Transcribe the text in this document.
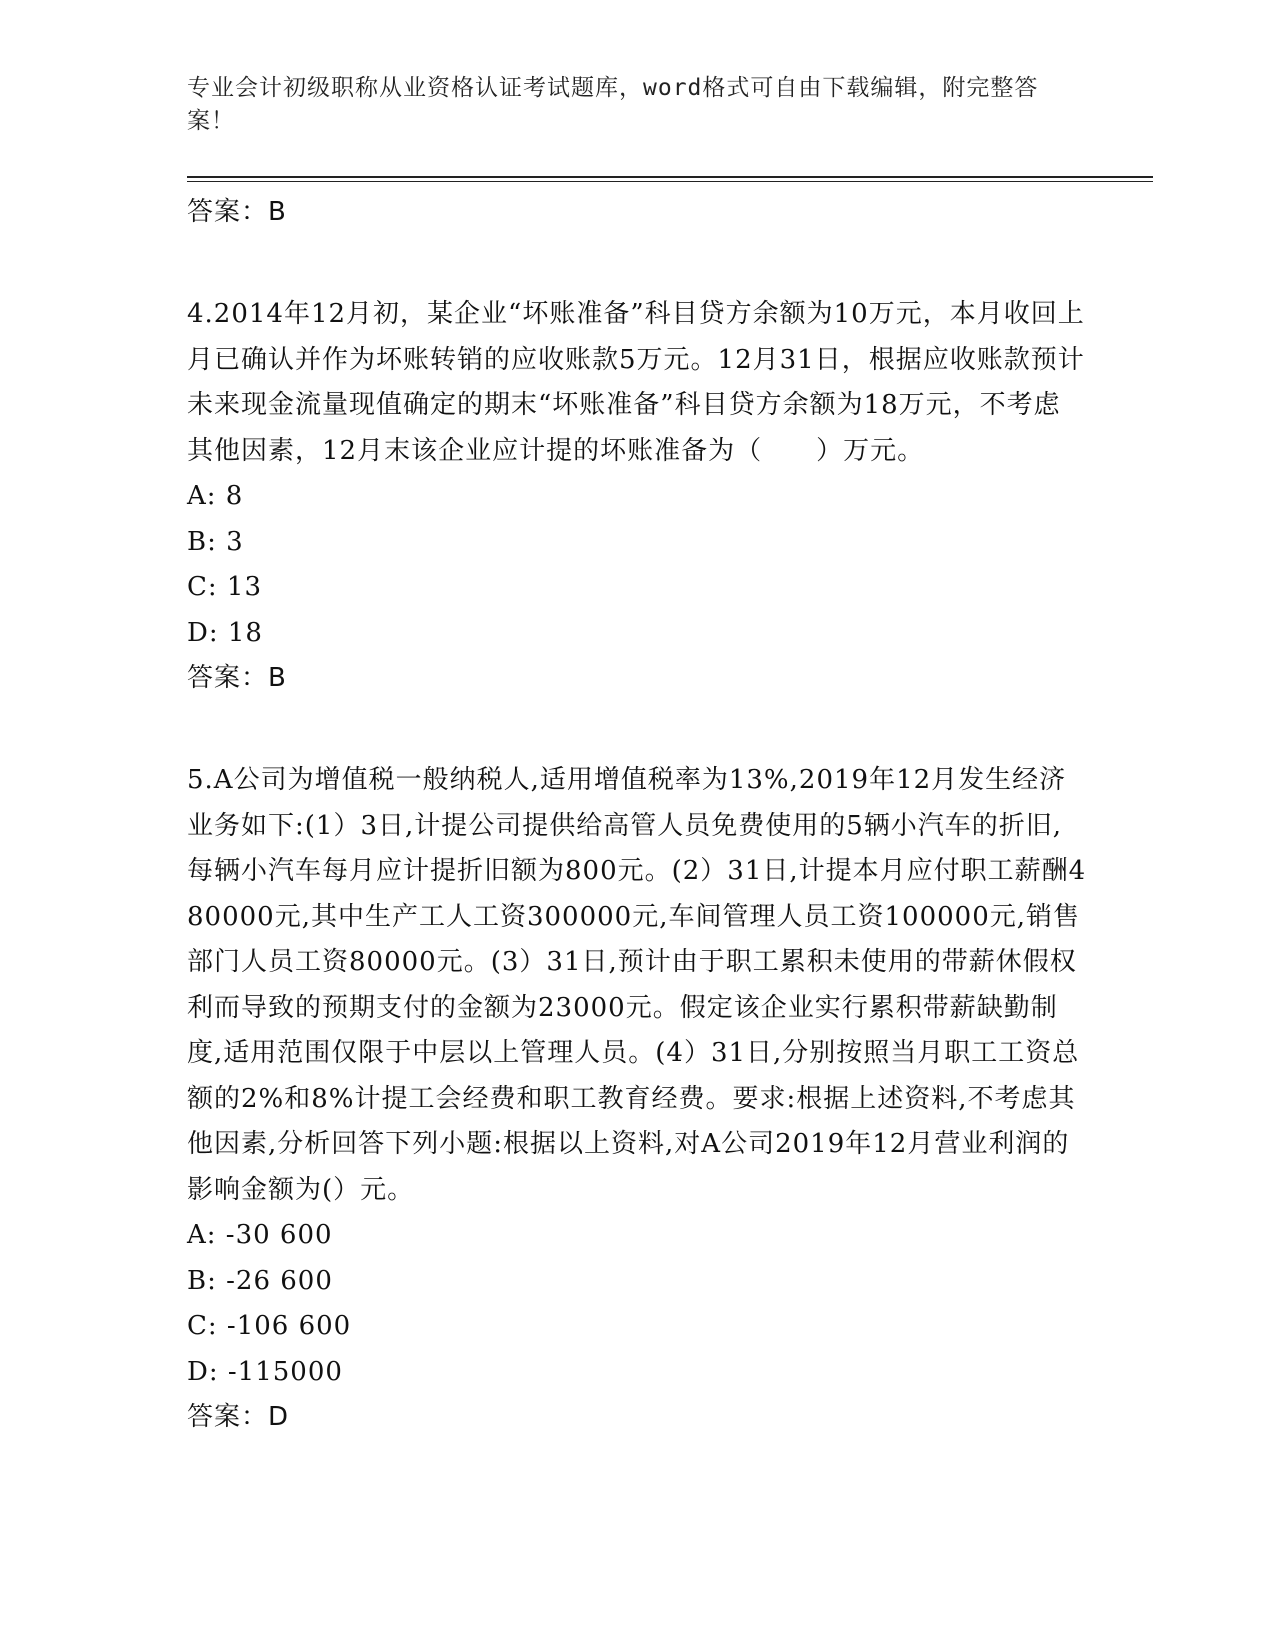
专业会计初级职称从业资格认证考试题库，word格式可自由下载编辑，附完整答案！
答案：B

4.2014年12月初，某企业“坏账准备”科目贷方余额为10万元，本月收回上月已确认并作为坏账转销的应收账款5万元。12月31日，根据应收账款预计未来现金流量现值确定的期末“坏账准备”科目贷方余额为18万元，不考虑其他因素，12月末该企业应计提的坏账准备为（　　）万元。

A: 8
B: 3
C: 13
D: 18
答案：B

5.A公司为增值税一般纳税人,适用增值税率为13%,2019年12月发生经济业务如下:(1）3日,计提公司提供给高管人员免费使用的5辆小汽车的折旧,每辆小汽车每月应计提折旧额为800元。(2）31日,计提本月应付职工薪酬480000元,其中生产工人工资300000元,车间管理人员工资100000元,销售部门人员工资80000元。(3）31日,预计由于职工累积未使用的带薪休假权利而导致的预期支付的金额为23000元。假定该企业实行累积带薪缺勤制度,适用范围仅限于中层以上管理人员。(4）31日,分别按照当月职工工资总额的2%和8%计提工会经费和职工教育经费。要求:根据上述资料,不考虑其他因素,分析回答下列小题:根据以上资料,对A公司2019年12月营业利润的影响金额为(）元。

A: -30 600
B: -26 600
C: -106 600
D: -115000
答案：D
